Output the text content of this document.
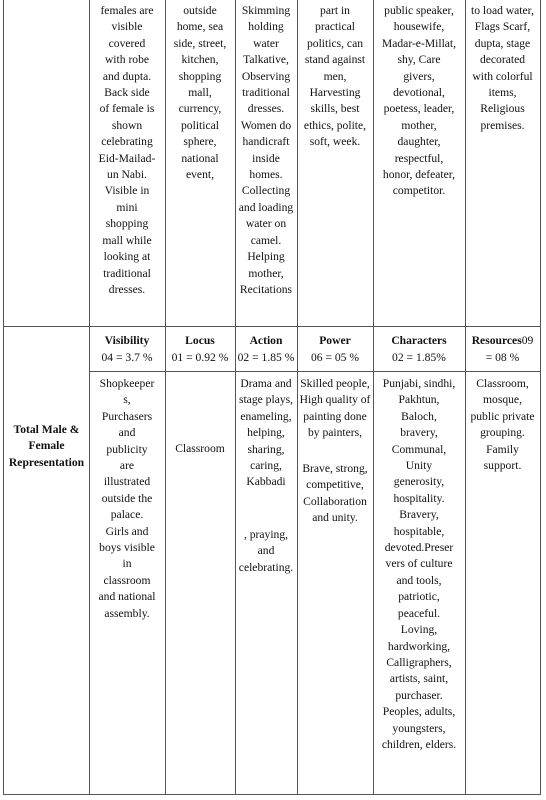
females are
visible
covered
with robe
and dupta.
Back side
of female is
shown
celebrating
Eid-Mailad-
un Nabi.
Visible in
mini
shopping
mall while
looking at
traditional
dresses.
outside
home, sea
side, street,
kitchen,
shopping
mall,
currency,
political
sphere,
national
event,
Skimming
holding
water
Talkative,
Observing
traditional
dresses.
Women do
handicraft
inside
homes.
Collecting
and loading
water on
camel.
Helping
mother,
Recitations
part in
practical
politics, can
stand against
men,
Harvesting
skills, best
ethics, polite,
soft, week.
public speaker,
housewife,
Madar-e-Millat,
shy, Care
givers,
devotional,
poetess, leader,
mother,
daughter,
respectful,
honor, defeater,
competitor.
to load water,
Flags Scarf,
dupta, stage
decorated
with colorful
items,
Religious
premises.
Total Male &
Female
Representation
Visibility
04 = 3.7 %
Locus
01 = 0.92 %
Action
02 = 1.85 %
Power
06 = 05 %
Characters
02 = 1.85%
Resources09
= 08 %
Shopkeeper
s,
Purchasers
and
publicity
are
illustrated
outside the
palace.
Girls and
boys visible
in
classroom
and national
assembly.
Classroom
Drama and
stage plays,
enameling,
helping,
sharing,
caring,
Kabbadi
, praying,
and
celebrating.
Skilled people,
High quality of
painting done
by painters,
Brave, strong,
competitive,
Collaboration
and unity.
Punjabi, sindhi,
Pakhtun,
Baloch,
bravery,
Communal,
Unity
generosity,
hospitality.
Bravery,
hospitable,
devoted.Preser
vers of culture
and tools,
patriotic,
peaceful.
Loving,
hardworking,
Calligraphers,
artists, saint,
purchaser.
Peoples, adults,
youngsters,
children, elders.
Classroom,
mosque,
public private
grouping.
Family
support.
